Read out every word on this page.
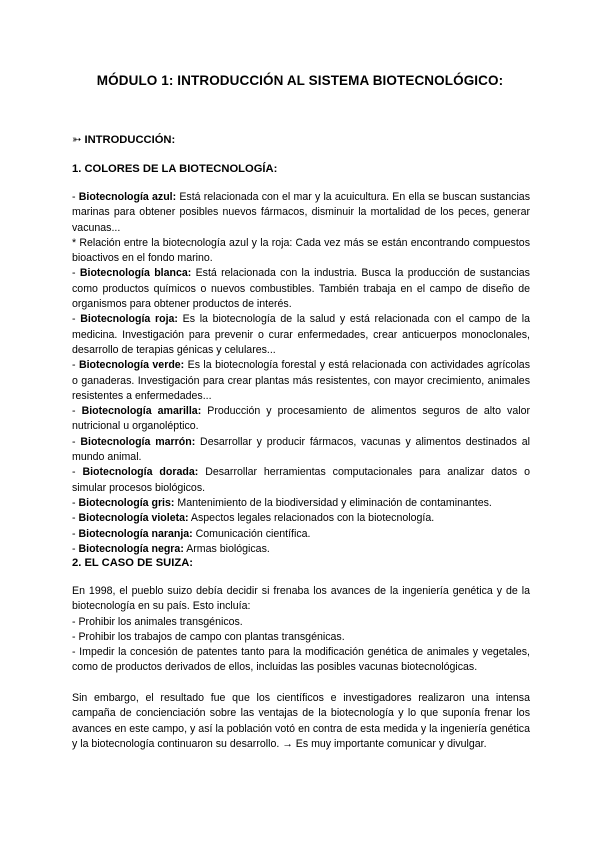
MÓDULO 1: INTRODUCCIÓN AL SISTEMA BIOTECNOLÓGICO:
➳ INTRODUCCIÓN:
1. COLORES DE LA BIOTECNOLOGÍA:

- Biotecnología azul: Está relacionada con el mar y la acuicultura. En ella se buscan sustancias marinas para obtener posibles nuevos fármacos, disminuir la mortalidad de los peces, generar vacunas...

* Relación entre la biotecnología azul y la roja: Cada vez más se están encontrando compuestos bioactivos en el fondo marino.

- Biotecnología blanca: Está relacionada con la industria. Busca la producción de sustancias como productos químicos o nuevos combustibles. También trabaja en el campo de diseño de organismos para obtener productos de interés.

- Biotecnología roja: Es la biotecnología de la salud y está relacionada con el campo de la medicina. Investigación para prevenir o curar enfermedades, crear anticuerpos monoclonales, desarrollo de terapias génicas y celulares...

- Biotecnología verde: Es la biotecnología forestal y está relacionada con actividades agrícolas o ganaderas. Investigación para crear plantas más resistentes, con mayor crecimiento, animales resistentes a enfermedades...

- Biotecnología amarilla: Producción y procesamiento de alimentos seguros de alto valor nutricional u organoléptico.

- Biotecnología marrón: Desarrollar y producir fármacos, vacunas y alimentos destinados al mundo animal.

- Biotecnología dorada: Desarrollar herramientas computacionales para analizar datos o simular procesos biológicos.

- Biotecnología gris: Mantenimiento de la biodiversidad y eliminación de contaminantes.

- Biotecnología violeta: Aspectos legales relacionados con la biotecnología.

- Biotecnología naranja: Comunicación científica.

- Biotecnología negra: Armas biológicas.

2. EL CASO DE SUIZA:

En 1998, el pueblo suizo debía decidir si frenaba los avances de la ingeniería genética y de la biotecnología en su país. Esto incluía:

- Prohibir los animales transgénicos.

- Prohibir los trabajos de campo con plantas transgénicas.

- Impedir la concesión de patentes tanto para la modificación genética de animales y vegetales, como de productos derivados de ellos, incluidas las posibles vacunas biotecnológicas.

Sin embargo, el resultado fue que los científicos e investigadores realizaron una intensa campaña de concienciación sobre las ventajas de la biotecnología y lo que suponía frenar los avances en este campo, y así la población votó en contra de esta medida y la ingeniería genética y la biotecnología continuaron su desarrollo. → Es muy importante comunicar y divulgar.
